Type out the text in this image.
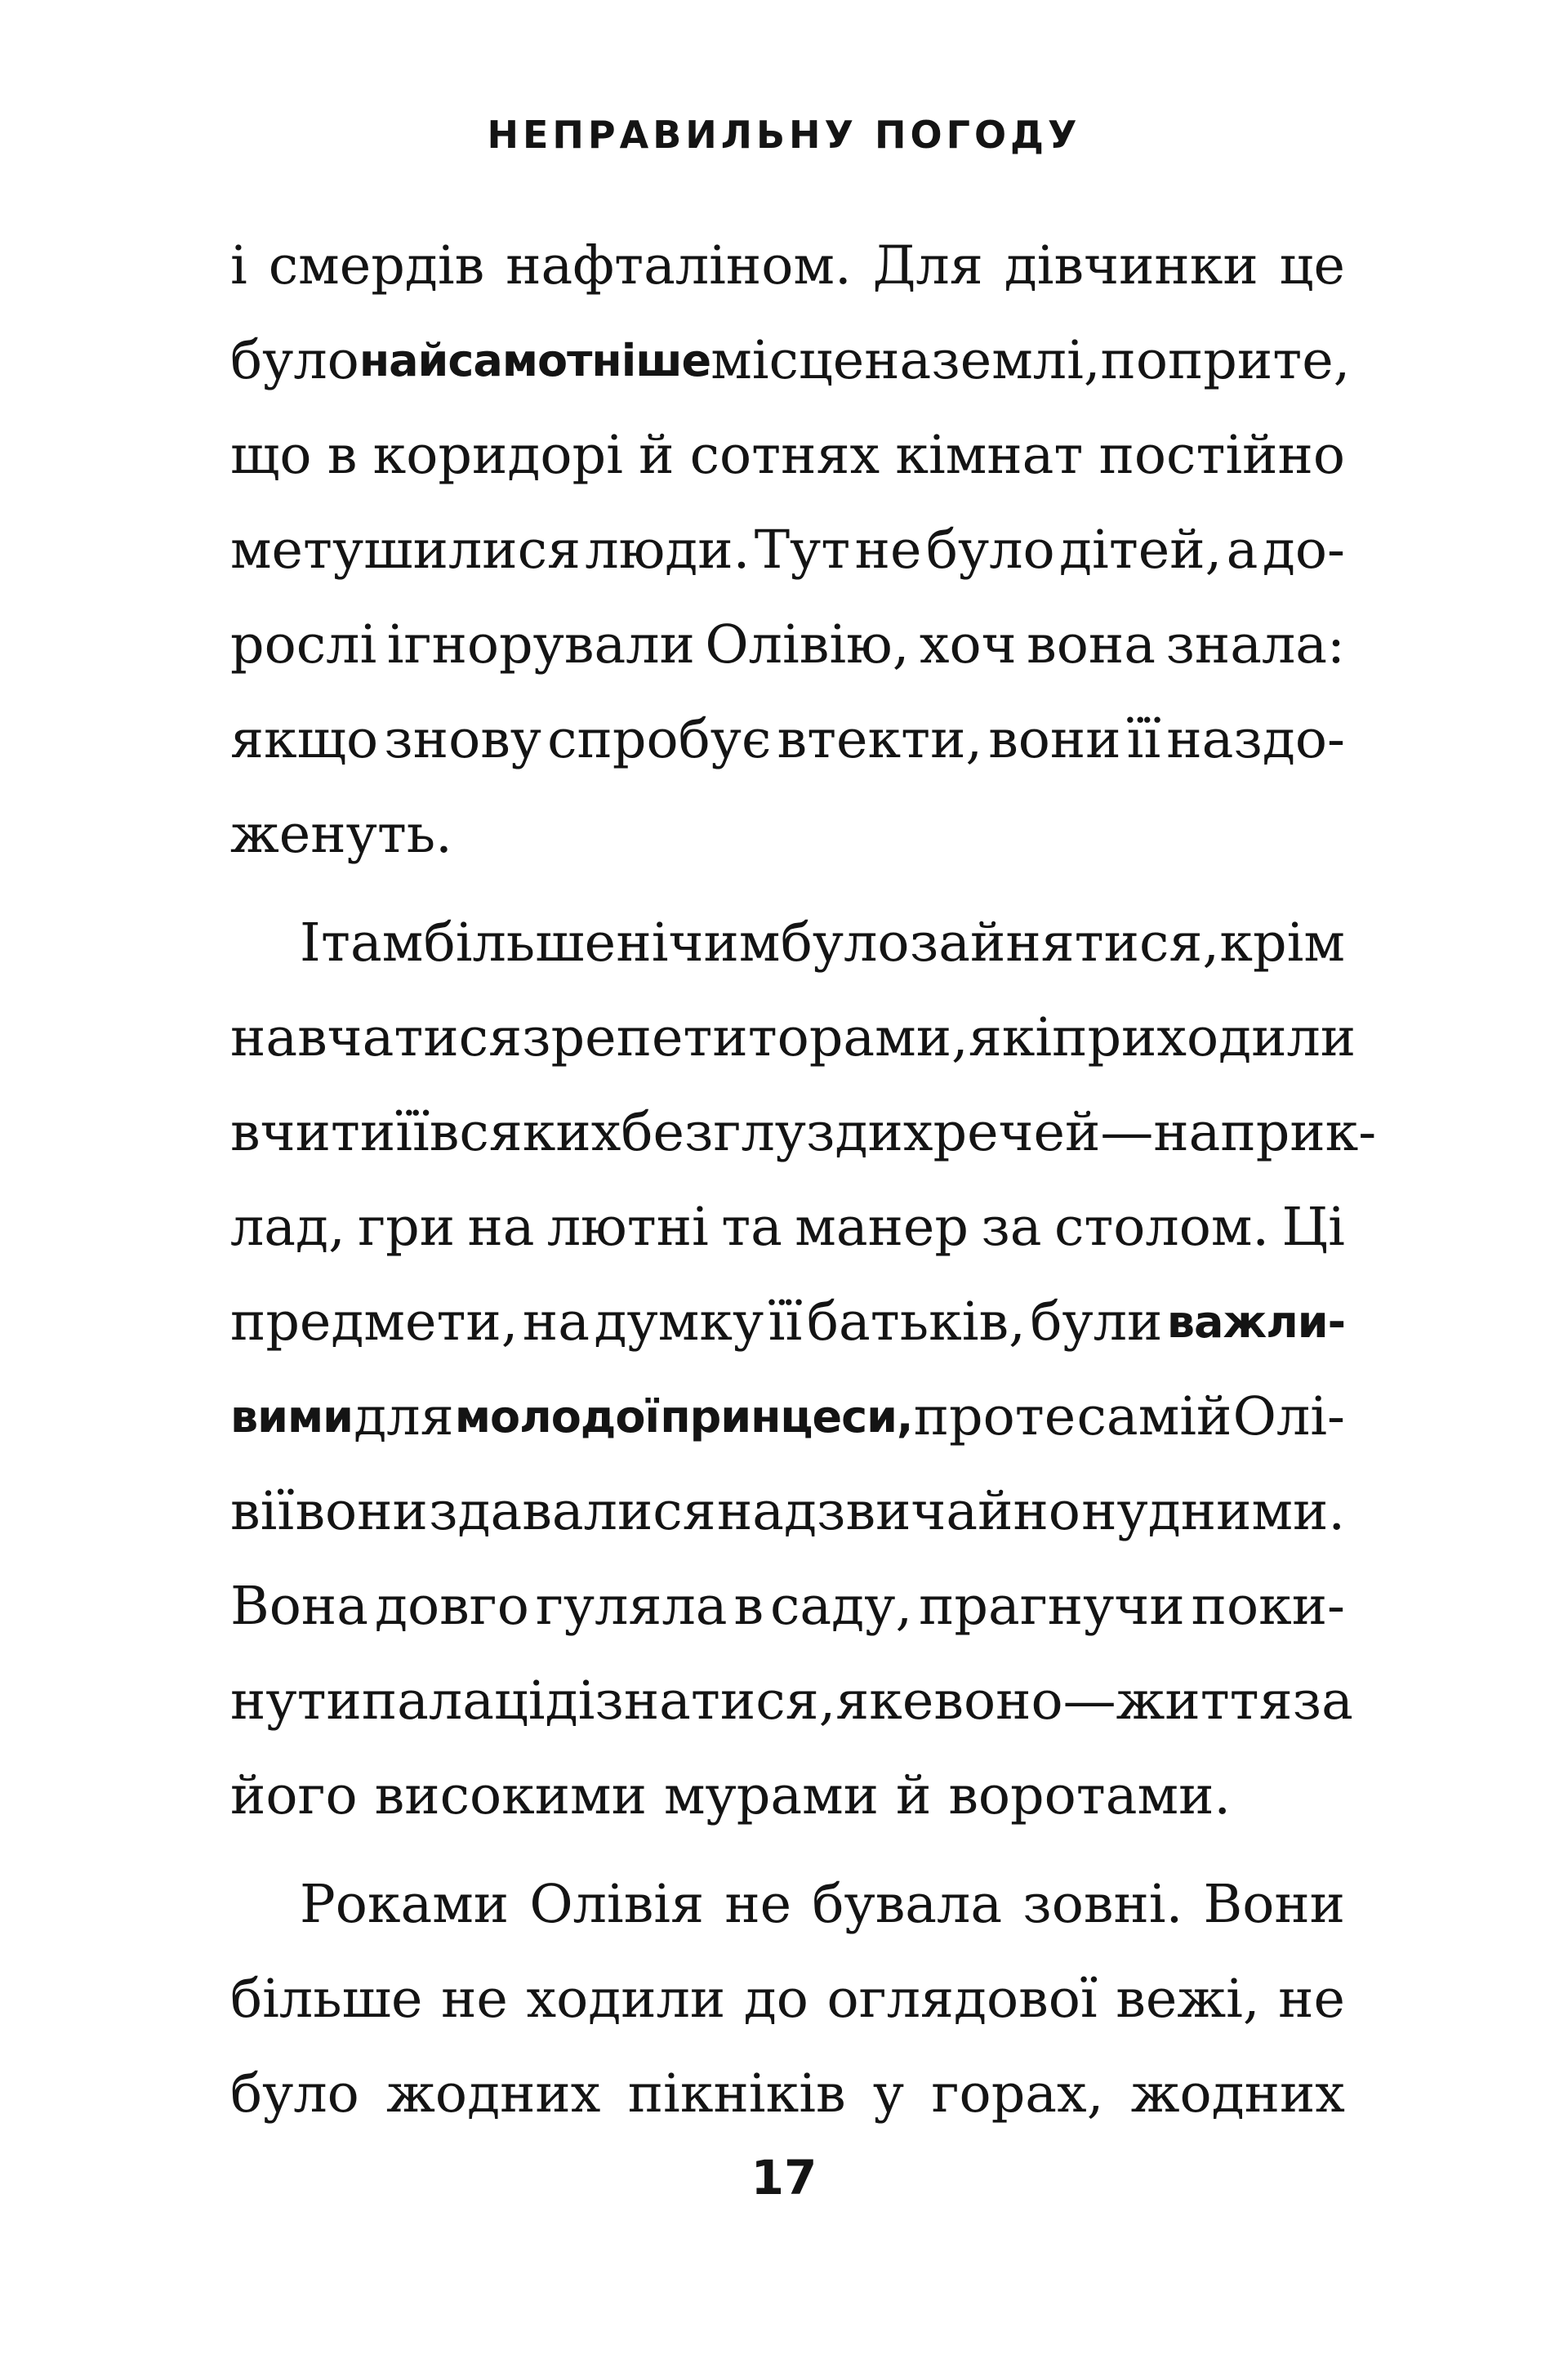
НЕПРАВИЛЬНУ ПОГОДУ
і смердів нафталіном. Для дівчинки це
було найсамотніше місце на землі, попри те,
що в коридорі й сотнях кімнат постійно
метушилися люди. Тут не було дітей, а до-
рослі ігнорували Олівію, хоч вона знала:
якщо знову спробує втекти, вони її наздо-
женуть.
І там більше нічим було зайнятися, крім
навчатися з репетиторами, які приходили
вчити її всяких безглуздих речей — наприк-
лад, гри на лютні та манер за столом. Ці
предмети, на думку її батьків, були важли-
вими для молодої принцеси, проте самій Олі-
вії вони здавалися надзвичайно нудними.
Вона довго гуляла в саду, прагнучи поки-
нути палац і дізнатися, яке воно — життя за
його високими мурами й воротами.
Роками Олівія не бувала зовні. Вони
більше не ходили до оглядової вежі, не
було жодних пікніків у горах, жодних
17
